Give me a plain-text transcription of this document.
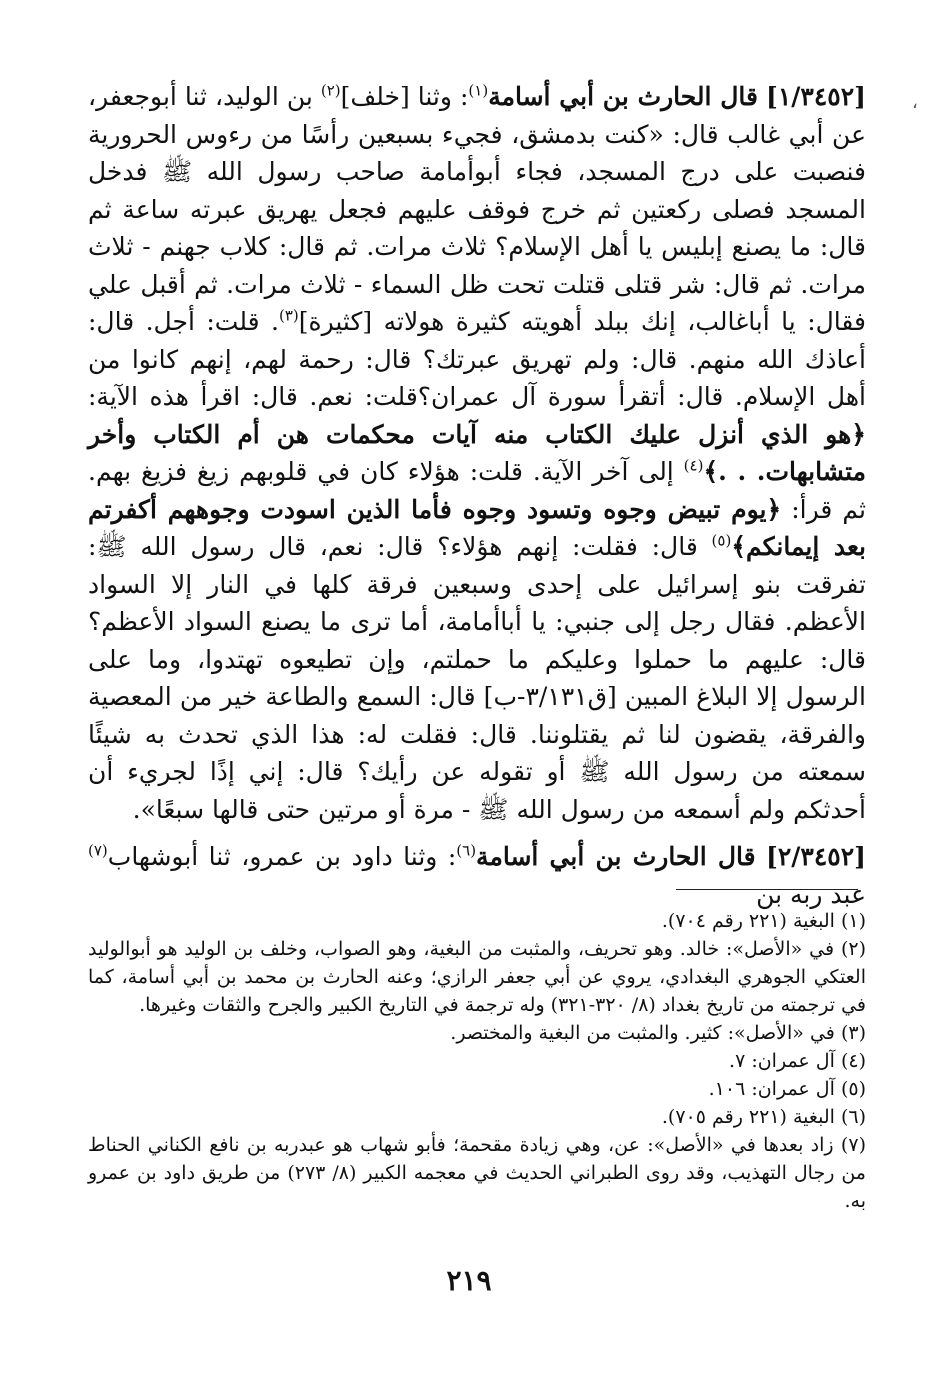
،

[١/٣٤٥٢] قال الحارث بن أبي أسامة$^{(١)}$: وثنا [خلف]$^{(٢)}$ بن الوليد، ثنا أبوجعفر، عن أبي غالب قال: «كنت بدمشق، فجيء بسبعين رأسًا من رءوس الحرورية فنصبت على درج المسجد، فجاء أبوأمامة صاحب رسول الله ﷺ فدخل المسجد فصلى ركعتين ثم خرج فوقف عليهم فجعل يهريق عبرته ساعة ثم قال: ما يصنع إبليس يا أهل الإسلام؟ ثلاث مرات. ثم قال: كلاب جهنم - ثلاث مرات. ثم قال: شر قتلى قتلت تحت ظل السماء - ثلاث مرات. ثم أقبل علي فقال: يا أباغالب، إنك ببلد أهويته كثيرة هولاته [كثيرة]$^{(٣)}$. قلت: أجل. قال: أعاذك الله منهم. قال: ولم تهريق عبرتك؟ قال: رحمة لهم، إنهم كانوا من أهل الإسلام. قال: أتقرأ سورة آل عمران؟قلت: نعم. قال: اقرأ هذه الآية: ﴿هو الذي أنزل عليك الكتاب منه آيات محكمات هن أم الكتاب وأخر متشابهات. . .﴾$^{(٤)}$ إلى آخر الآية. قلت: هؤلاء كان في قلوبهم زيغ فزيغ بهم. ثم قرأ: ﴿يوم تبيض وجوه وتسود وجوه فأما الذين اسودت وجوههم أكفرتم بعد إيمانكم﴾$^{(٥)}$ قال: فقلت: إنهم هؤلاء؟ قال: نعم، قال رسول الله ﷺ: تفرقت بنو إسرائيل على إحدى وسبعين فرقة كلها في النار إلا السواد الأعظم. فقال رجل إلى جنبي: يا أباأمامة، أما ترى ما يصنع السواد الأعظم؟ قال: عليهم ما حملوا وعليكم ما حملتم، وإن تطيعوه تهتدوا، وما على الرسول إلا البلاغ المبين [ق٣/١٣١-ب] قال: السمع والطاعة خير من المعصية والفرقة، يقضون لنا ثم يقتلوننا. قال: فقلت له: هذا الذي تحدث به شيئًا سمعته من رسول الله ﷺ أو تقوله عن رأيك؟ قال: إني إذًا لجريء أن أحدثكم ولم أسمعه من رسول الله ﷺ - مرة أو مرتين حتى قالها سبعًا».

[٢/٣٤٥٢] قال الحارث بن أبي أسامة$^{(٦)}$: وثنا داود بن عمرو، ثنا أبوشهاب$^{(٧)}$ عبد ربه بن

(١) البغية (٢٢١ رقم ٧٠٤).

(٢) في «الأصل»: خالد. وهو تحريف، والمثبت من البغية، وهو الصواب، وخلف بن الوليد هو أبوالوليد العتكي الجوهري البغدادي، يروي عن أبي جعفر الرازي؛ وعنه الحارث بن محمد بن أبي أسامة، كما في ترجمته من تاريخ بغداد (٨/ ٣٢٠-٣٢١) وله ترجمة في التاريخ الكبير والجرح والثقات وغيرها.

(٣) في «الأصل»: كثير. والمثبت من البغية والمختصر.

(٤) آل عمران: ٧.

(٥) آل عمران: ١٠٦.

(٦) البغية (٢٢١ رقم ٧٠٥).

(٧) زاد بعدها في «الأصل»: عن، وهي زيادة مقحمة؛ فأبو شهاب هو عبدربه بن نافع الكناني الحناط من رجال التهذيب، وقد روى الطبراني الحديث في معجمه الكبير (٨/ ٢٧٣) من طريق داود بن عمرو به.

٢١٩
